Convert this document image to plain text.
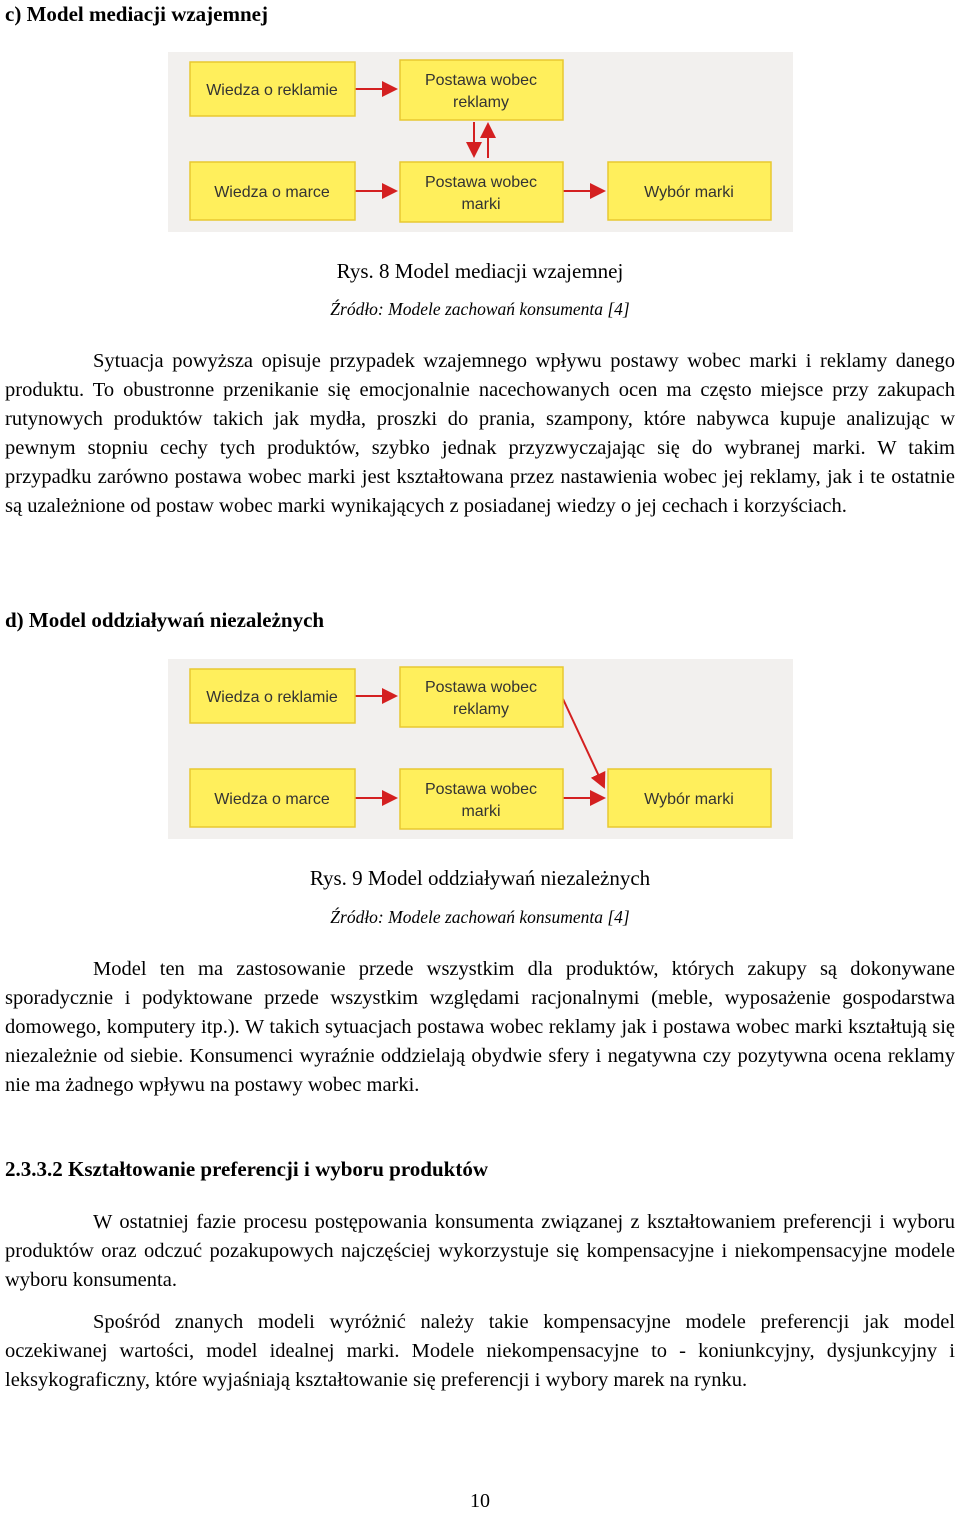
c) Model mediacji wzajemnej

Wiedza o reklamie
Postawa wobec
reklamy
Wiedza o marce
Postawa wobec
marki
Wybór marki

Rys. 8 Model mediacji wzajemnej

Źródło: Modele zachowań konsumenta [4]

Sytuacja powyższa opisuje przypadek wzajemnego wpływu postawy wobec marki i reklamy danego produktu. To obustronne przenikanie się emocjonalnie nacechowanych ocen ma często miejsce przy zakupach rutynowych produktów takich jak mydła, proszki do prania, szampony, które nabywca kupuje analizując w pewnym stopniu cechy tych produktów, szybko jednak przyzwyczajając się do wybranej marki. W takim przypadku zarówno postawa wobec marki jest kształtowana przez nastawienia wobec jej reklamy, jak i te ostatnie są uzależnione od postaw wobec marki wynikających z posiadanej wiedzy o jej cechach i korzyściach.

d) Model oddziaływań niezależnych

Wiedza o reklamie
Postawa wobec
reklamy
Wiedza o marce
Postawa wobec
marki
Wybór marki

Rys. 9 Model oddziaływań niezależnych

Źródło: Modele zachowań konsumenta [4]

Model ten ma zastosowanie przede wszystkim dla produktów, których zakupy są dokonywane sporadycznie i podyktowane przede wszystkim względami racjonalnymi (meble, wyposażenie gospodarstwa domowego, komputery itp.). W takich sytuacjach postawa wobec reklamy jak i postawa wobec marki kształtują się niezależnie od siebie. Konsumenci wyraźnie oddzielają obydwie sfery i negatywna czy pozytywna ocena reklamy nie ma żadnego wpływu na postawy wobec marki.

2.3.3.2 Kształtowanie preferencji i wyboru produktów

W ostatniej fazie procesu postępowania konsumenta związanej z kształtowaniem preferencji i wyboru produktów oraz odczuć pozakupowych najczęściej wykorzystuje się kompensacyjne i niekompensacyjne modele wyboru konsumenta.

Spośród znanych modeli wyróżnić należy takie kompensacyjne modele preferencji jak model oczekiwanej wartości, model idealnej marki. Modele niekompensacyjne to - koniunkcyjny, dysjunkcyjny i leksykograficzny, które wyjaśniają kształtowanie się preferencji i wybory marek na rynku.

10
